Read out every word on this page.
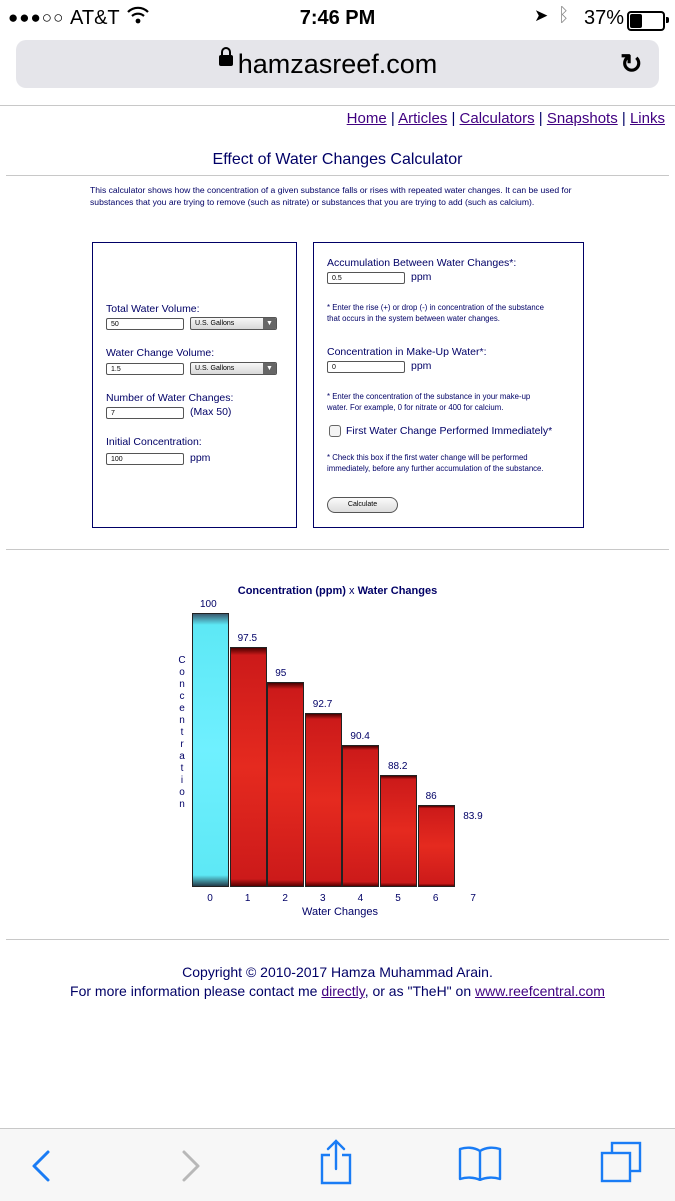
●●●○○ AT&T	7:46 PM	➤ ᛒ 37%
hamzasreef.com	↻
Home | Articles | Calculators | Snapshots | Links
Effect of Water Changes Calculator
This calculator shows how the concentration of a given substance falls or rises with repeated water changes. It can be used for substances that you are trying to remove (such as nitrate) or substances that you are trying to add (such as calcium).
Total Water Volume:
50	U.S. Gallons	▼
Water Change Volume:
1.5	U.S. Gallons	▼
Number of Water Changes:
7	(Max 50)
Initial Concentration:
100	ppm
Accumulation Between Water Changes*:
0.5	ppm
* Enter the rise (+) or drop (-) in concentration of the substance that occurs in the system between water changes.
Concentration in Make-Up Water*:
0	ppm
* Enter the concentration of the substance in your make-up water. For example, 0 for nitrate or 400 for calcium.
First Water Change Performed Immediately*
* Check this box if the first water change will be performed immediately, before any further accumulation of the substance.
Calculate
Concentration (ppm) x Water Changes
C
o
n
c
e
n
t
r
a
t
i
o
n
100
0
97.5
1
95
2
92.7
3
90.4
4
88.2
5
86
6
83.9
7
Water Changes
Copyright © 2010-2017 Hamza Muhammad Arain.
For more information please contact me directly, or as "TheH" on www.reefcentral.com
